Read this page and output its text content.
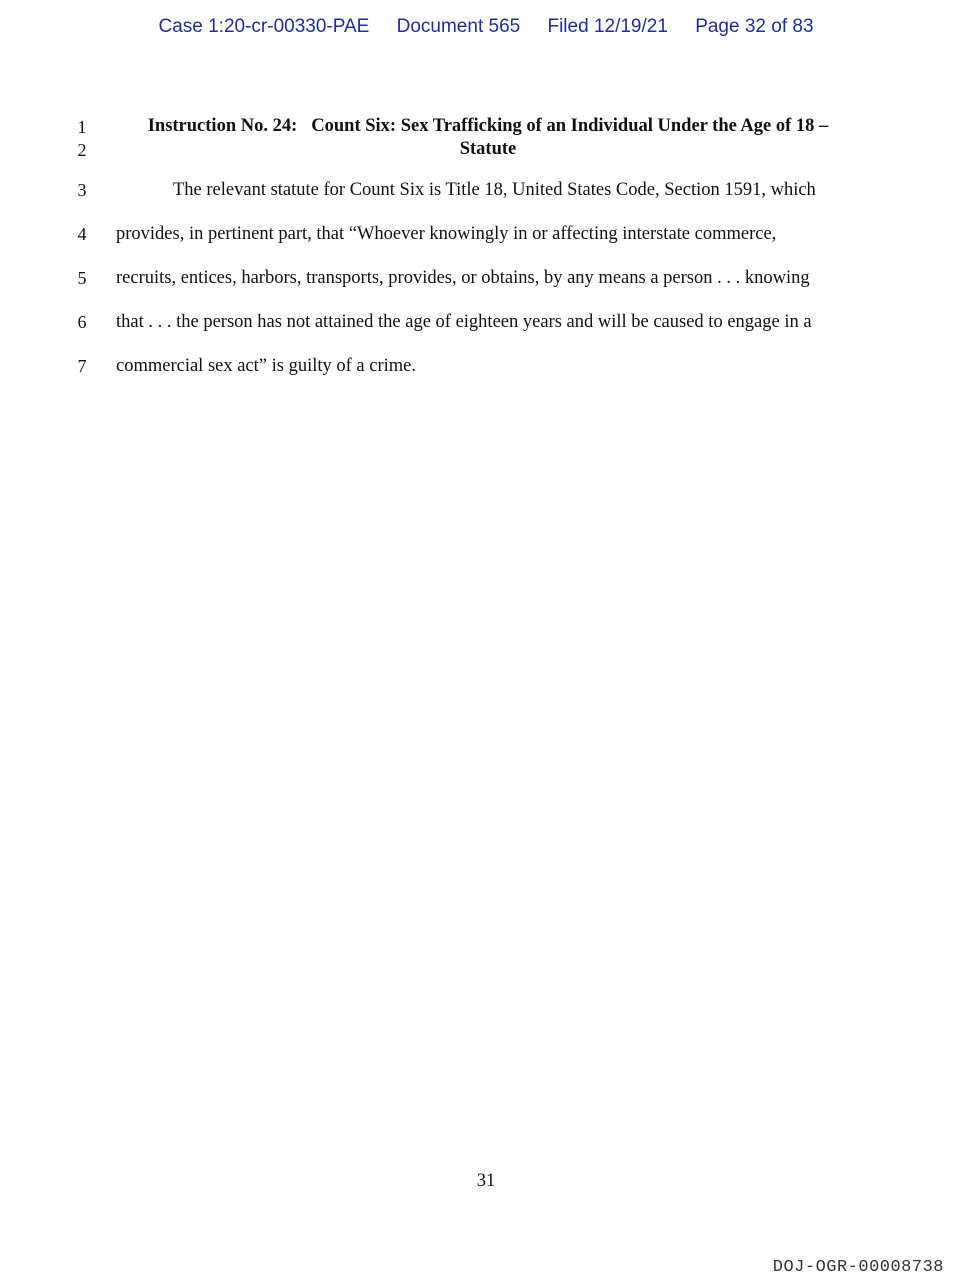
Case 1:20-cr-00330-PAE Document 565 Filed 12/19/21 Page 32 of 83
1
2
3
4
5
6
7
Instruction No. 24: Count Six: Sex Trafficking of an Individual Under the Age of 18 –
Statute
The relevant statute for Count Six is Title 18, United States Code, Section 1591, which
provides, in pertinent part, that “Whoever knowingly in or affecting interstate commerce,
recruits, entices, harbors, transports, provides, or obtains, by any means a person . . . knowing
that . . . the person has not attained the age of eighteen years and will be caused to engage in a
commercial sex act” is guilty of a crime.
31
DOJ-OGR-00008738
